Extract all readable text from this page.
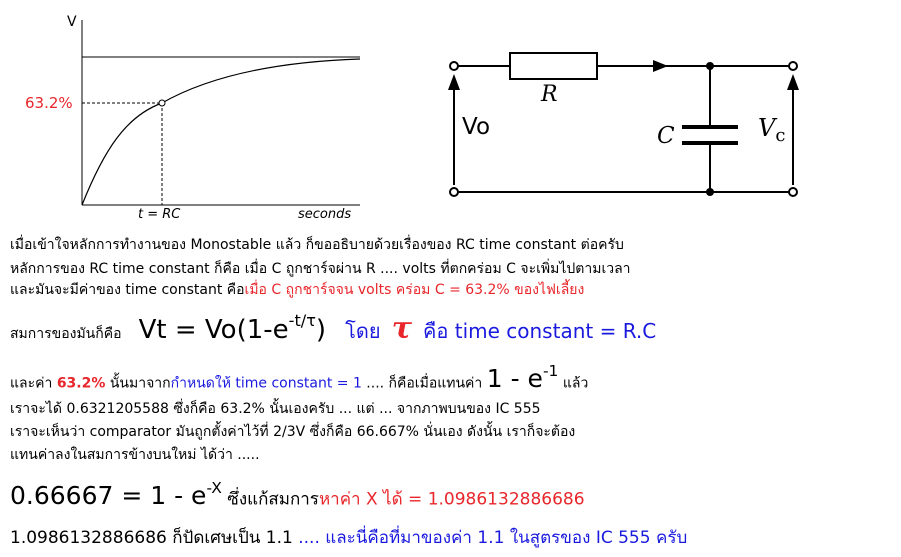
V
63.2%
t = RC	seconds
R
C
Vo	$V_c$
เมื่อเข้าใจหลักการทำงานของ Monostable แล้ว ก็ขออธิบายด้วยเรื่องของ RC time constant ต่อครับ
หลักการของ RC time constant ก็คือ เมื่อ C ถูกชาร์จผ่าน R .... volts ที่ตกคร่อม C จะเพิ่มไปตามเวลา
และมันจะมีค่าของ time constant คือเมื่อ C ถูกชาร์จจน volts คร่อม C = 63.2% ของไฟเลี้ยง
สมการของมันก็คือ $Vt = Vo(1-e^{-t/\tau})$ โดย τ คือ time constant = R.C
และค่า 63.2% นั้นมาจากกำหนดให้ time constant = 1 .... ก็คือเมื่อแทนค่า $1 - e^{-1}$ แล้ว
เราจะได้ 0.6321205588 ซึ่งก็คือ 63.2% นั้นเองครับ ... แต่ ... จากภาพบนของ IC 555
เราจะเห็นว่า comparator มันถูกตั้งค่าไว้ที่ 2/3V ซึ่งก็คือ 66.667% นั่นเอง ดังนั้น เราก็จะต้อง
แทนค่าลงในสมการข้างบนใหม่ ได้ว่า .....
$0.66667 = 1 - e^{-X}$ ซึ่งแก้สมการหาค่า X ได้ = 1.0986132886686
1.0986132886686 ก็ปัดเศษเป็น 1.1 .... และนี่คือที่มาของค่า 1.1 ในสูตรของ IC 555 ครับ
